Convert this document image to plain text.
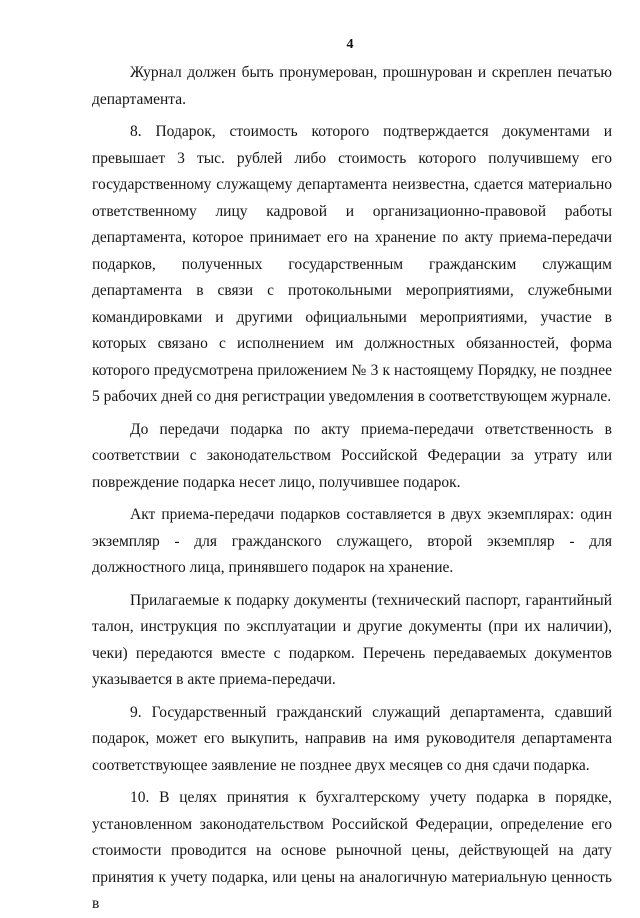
4

Журнал должен быть пронумерован, прошнурован и скреплен печатью департамента.

8. Подарок, стоимость которого подтверждается документами и превышает 3 тыс. рублей либо стоимость которого получившему его государственному служащему департамента неизвестна, сдается материально ответственному лицу кадровой и организационно-правовой работы департамента, которое принимает его на хранение по акту приема-передачи подарков, полученных государственным гражданским служащим департамента в связи с протокольными мероприятиями, служебными командировками и другими официальными мероприятиями, участие в которых связано с исполнением им должностных обязанностей, форма которого предусмотрена приложением № 3 к настоящему Порядку, не позднее 5 рабочих дней со дня регистрации уведомления в соответствующем журнале.

До передачи подарка по акту приема-передачи ответственность в соответствии с законодательством Российской Федерации за утрату или повреждение подарка несет лицо, получившее подарок.

Акт приема-передачи подарков составляется в двух экземплярах: один экземпляр - для гражданского служащего, второй экземпляр - для должностного лица, принявшего подарок на хранение.

Прилагаемые к подарку документы (технический паспорт, гарантийный талон, инструкция по эксплуатации и другие документы (при их наличии), чеки) передаются вместе с подарком. Перечень передаваемых документов указывается в акте приема-передачи.

9. Государственный гражданский служащий департамента, сдавший подарок, может его выкупить, направив на имя руководителя департамента соответствующее заявление не позднее двух месяцев со дня сдачи подарка.

10. В целях принятия к бухгалтерскому учету подарка в порядке, установленном законодательством Российской Федерации, определение его стоимости проводится на основе рыночной цены, действующей на дату принятия к учету подарка, или цены на аналогичную материальную ценность в
